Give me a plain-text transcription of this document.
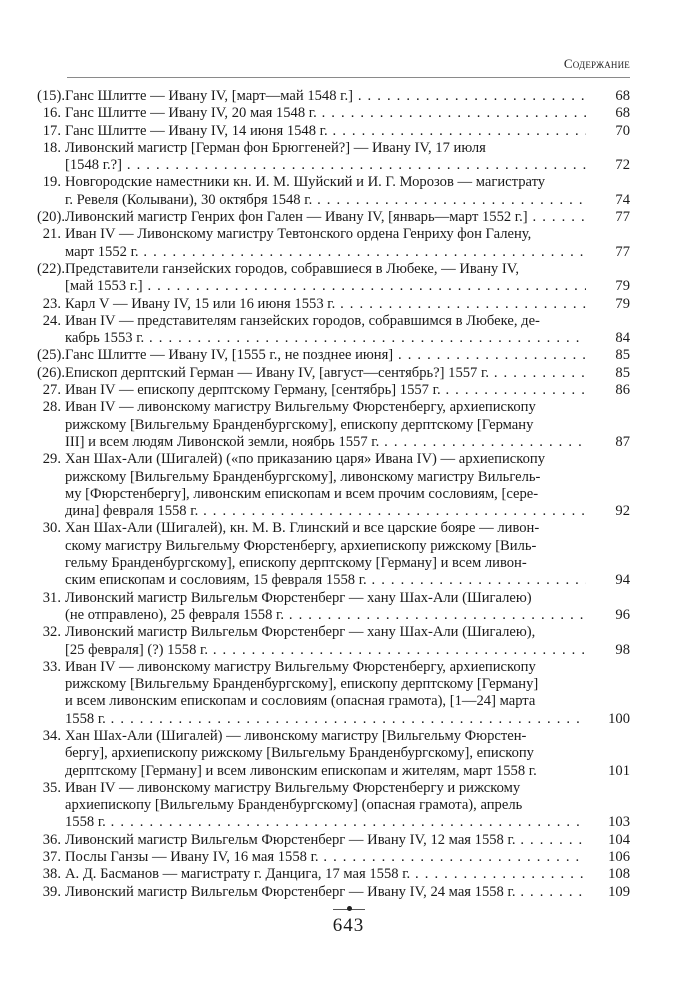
Содержание
(15). Ганс Шлитте — Ивану IV, [март—май 1548 г.] . . .	68
16. Ганс Шлитте — Ивану IV, 20 мая 1548 г. . . .	68
17. Ганс Шлитте — Ивану IV, 14 июня 1548 г. . . .	70
18. Ливонский магистр [Герман фон Брюггеней?] — Ивану IV, 17 июля
[1548 г.?] . . .	72
19. Новгородские наместники кн. И. М. Шуйский и И. Г. Морозов — магистрату
г. Ревеля (Колывани), 30 октября 1548 г. . . .	74
(20). Ливонский магистр Генрих фон Гален — Ивану IV, [январь—март 1552 г.] . . .	77
21. Иван IV — Ливонскому магистру Тевтонского ордена Генриху фон Галену,
март 1552 г. . . .	77
(22). Представители ганзейских городов, собравшиеся в Любеке, — Ивану IV,
[май 1553 г.] . . .	79
23. Карл V — Ивану IV, 15 или 16 июня 1553 г. . . .	79
24. Иван IV — представителям ганзейских городов, собравшимся в Любеке, де-
кабрь 1553 г. . . .	84
(25). Ганс Шлитте — Ивану IV, [1555 г., не позднее июня] . . .	85
(26). Епископ дерптский Герман — Ивану IV, [август—сентябрь?] 1557 г. . . .	85
27. Иван IV — епископу дерптскому Герману, [сентябрь] 1557 г. . . .	86
28. Иван IV — ливонскому магистру Вильгельму Фюрстенбергу, архиепископу
рижскому [Вильгельму Бранденбургскому], епископу дерптскому [Герману
III] и всем людям Ливонской земли, ноябрь 1557 г. . . .	87
29. Хан Шах-Али (Шигалей) («по приказанию царя» Ивана IV) — архиепископу
рижскому [Вильгельму Бранденбургскому], ливонскому магистру Вильгель-
му [Фюрстенбергу], ливонским епископам и всем прочим сословиям, [сере-
дина] февраля 1558 г. . . .	92
30. Хан Шах-Али (Шигалей), кн. М. В. Глинский и все царские бояре — ливон-
скому магистру Вильгельму Фюрстенбергу, архиепископу рижскому [Виль-
гельму Бранденбургскому], епископу дерптскому [Герману] и всем ливон-
ским епископам и сословиям, 15 февраля 1558 г. . . .	94
31. Ливонский магистр Вильгельм Фюрстенберг — хану Шах-Али (Шигалею)
(не отправлено), 25 февраля 1558 г. . . .	96
32. Ливонский магистр Вильгельм Фюрстенберг — хану Шах-Али (Шигалею),
[25 февраля] (?) 1558 г. . . .	98
33. Иван IV — ливонскому магистру Вильгельму Фюрстенбергу, архиепископу
рижскому [Вильгельму Бранденбургскому], епископу дерптскому [Герману]
и всем ливонским епископам и сословиям (опасная грамота), [1—24] марта
1558 г. . . .	100
34. Хан Шах-Али (Шигалей) — ливонскому магистру [Вильгельму Фюрстен-
бергу], архиепископу рижскому [Вильгельму Бранденбургскому], епископу
дерптскому [Герману] и всем ливонским епископам и жителям, март 1558 г.	101
35. Иван IV — ливонскому магистру Вильгельму Фюрстенбергу и рижскому
архиепископу [Вильгельму Бранденбургскому] (опасная грамота), апрель
1558 г. . . .	103
36. Ливонский магистр Вильгельм Фюрстенберг — Ивану IV, 12 мая 1558 г. . . .	104
37. Послы Ганзы — Ивану IV, 16 мая 1558 г. . . .	106
38. А. Д. Басманов — магистрату г. Данцига, 17 мая 1558 г. . . .	108
39. Ливонский магистр Вильгельм Фюрстенберг — Ивану IV, 24 мая 1558 г. . . .	109
643
